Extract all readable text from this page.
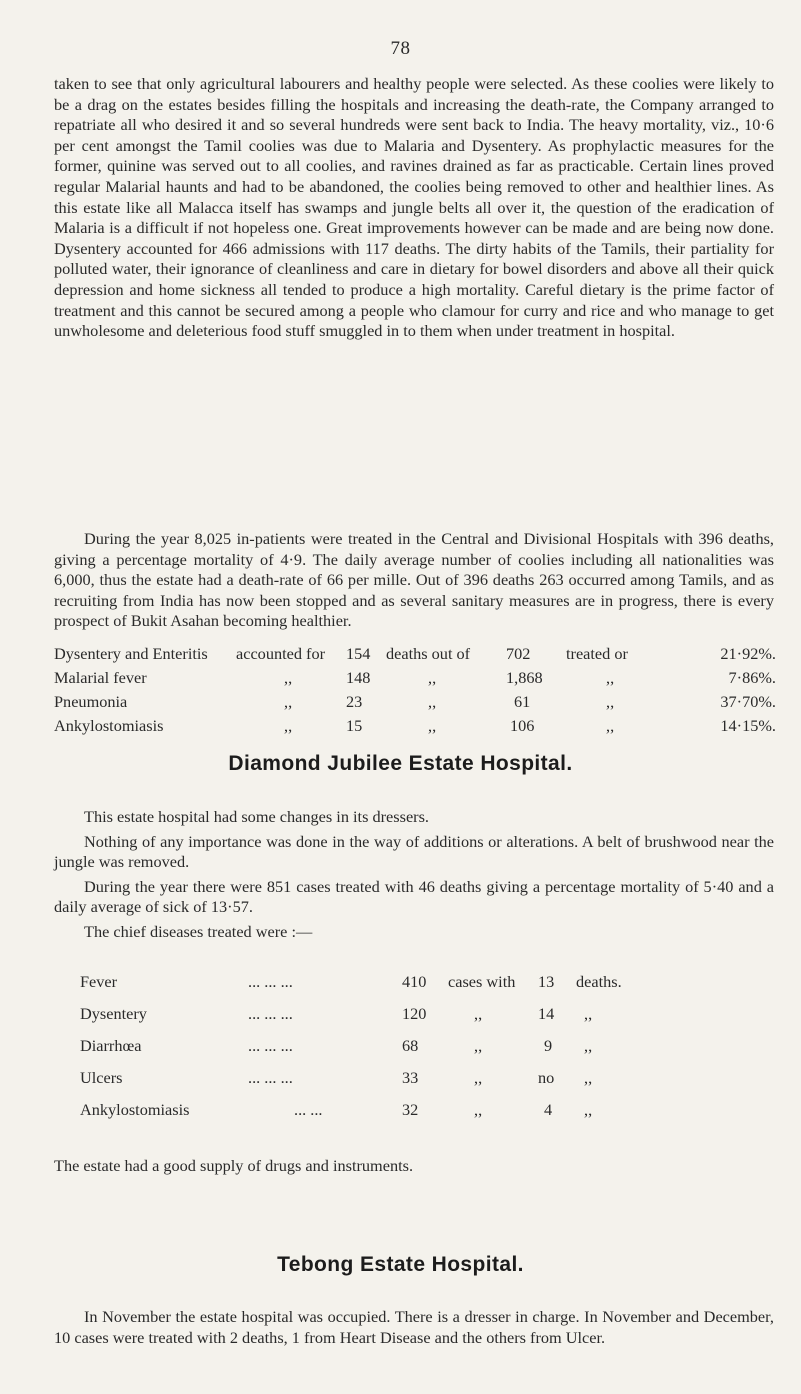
78

taken to see that only agricultural labourers and healthy people were selected. As these coolies were likely to be a drag on the estates besides filling the hospitals and increasing the death-rate, the Company arranged to repatriate all who desired it and so several hundreds were sent back to India. The heavy mortality, viz., 10·6 per cent amongst the Tamil coolies was due to Malaria and Dysentery. As prophylactic measures for the former, quinine was served out to all coolies, and ravines drained as far as practicable. Certain lines proved regular Malarial haunts and had to be abandoned, the coolies being removed to other and healthier lines. As this estate like all Malacca itself has swamps and jungle belts all over it, the question of the eradication of Malaria is a difficult if not hopeless one. Great improvements however can be made and are being now done. Dysentery accounted for 466 admissions with 117 deaths. The dirty habits of the Tamils, their partiality for polluted water, their ignorance of cleanliness and care in dietary for bowel disorders and above all their quick depression and home sickness all tended to produce a high mortality. Careful dietary is the prime factor of treatment and this cannot be secured among a people who clamour for curry and rice and who manage to get unwholesome and deleterious food stuff smuggled in to them when under treatment in hospital.

During the year 8,025 in-patients were treated in the Central and Divisional Hospitals with 396 deaths, giving a percentage mortality of 4·9. The daily average number of coolies including all nationalities was 6,000, thus the estate had a death-rate of 66 per mille. Out of 396 deaths 263 occurred among Tamils, and as recruiting from India has now been stopped and as several sanitary measures are in progress, there is every prospect of Bukit Asahan becoming healthier.

Dysentery and Enteritis	accounted for	154	deaths out of	702	treated or	21·92%.
Malarial fever	,,	148	,,	1,868	,,	7·86%.
Pneumonia	,,	23	,,	61	,,	37·70%.
Ankylostomiasis	,,	15	,,	106	,,	14·15%.
Diamond Jubilee Estate Hospital.

This estate hospital had some changes in its dressers.

Nothing of any importance was done in the way of additions or alterations. A belt of brushwood near the jungle was removed.

During the year there were 851 cases treated with 46 deaths giving a percentage mortality of 5·40 and a daily average of sick of 13·57.

The chief diseases treated were :—

Fever	... ... ...	410	cases with	13	deaths.
Dysentery	... ... ...	120	,,	14	,,
Diarrhœa	... ... ...	68	,,	9	,,
Ulcers	... ... ...	33	,,	no	,,
Ankylostomiasis	... ...	32	,,	4	,,

The estate had a good supply of drugs and instruments.

Tebong Estate Hospital.

In November the estate hospital was occupied. There is a dresser in charge. In November and December, 10 cases were treated with 2 deaths, 1 from Heart Disease and the others from Ulcer.
